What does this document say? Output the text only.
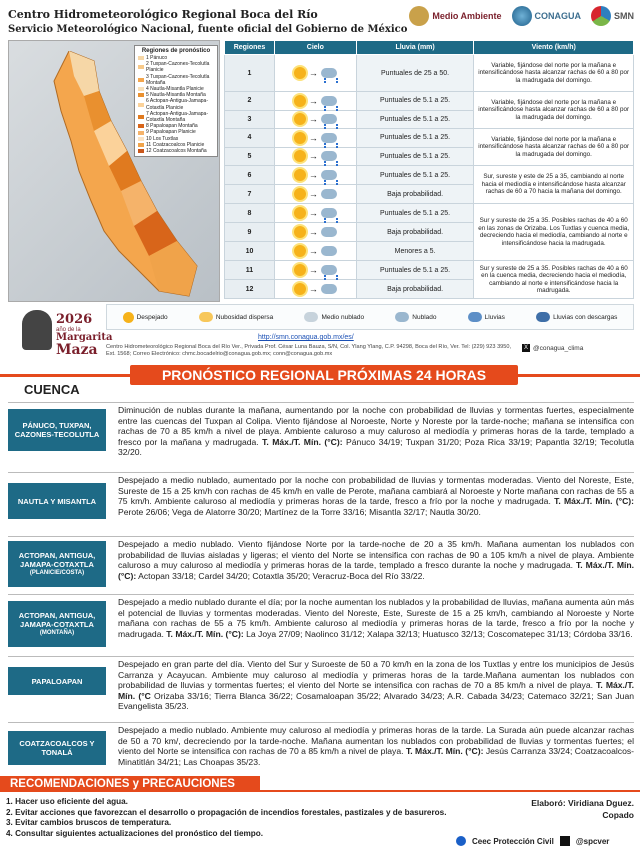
Centro Hidrometeorológico Regional Boca del Río
Servicio Meteorológico Nacional, fuente oficial del Gobierno de México
Medio Ambiente	CONAGUA	SMN
Regiones de pronóstico
1 Pánuco
2 Tuxpan-Cazones-Tecolutla Planicie
3 Tuxpan-Cazones-Tecolutla Montaña
4 Nautla-Misantla Planicie
5 Nautla-Misantla Montaña
6 Actopan-Antigua-Jamapa-Cotaxtla Planicie
7 Actopan-Antigua-Jamapa-Cotaxtla Montaña
8 Papaloapan Montaña
9 Papaloapan Planicie
10 Los Tuxtlas
11 Coatzacoalcos Planicie
12 Coatzacoalcos Montaña
Regiones	Cielo	Lluvia (mm)	Viento (km/h)
1	→	Puntuales de 25 a 50.	Variable, fijándose del norte por la mañana e intensificándose hasta alcanzar rachas de 60 a 80 por la madrugada del domingo.
2	→	Puntuales de 5.1 a 25.	Variable, fijándose del norte por la mañana e intensificándose hasta alcanzar rachas de 60 a 80 por la madrugada del domingo.
3	→	Puntuales de 5.1 a 25.	
4	→	Puntuales de 5.1 a 25.	Variable, fijándose del norte por la mañana e intensificándose hasta alcanzar rachas de 60 a 80 por la madrugada del domingo.
5	→	Puntuales de 5.1 a 25.	
6	→	Puntuales de 5.1 a 25.	Sur, sureste y este de 25 a 35, cambiando al norte hacia el mediodía e intensificándose hasta alcanzar rachas de 60 a 70 hacia la mañana del domingo.
7	→	Baja probabilidad.	
8	→	Puntuales de 5.1 a 25.	Sur y sureste de 25 a 35. Posibles rachas de 40 a 60 en las zonas de Orizaba. Los Tuxtlas y cuenca media, decreciendo hacia el mediodía, cambiando al norte e intensificándose hacia la madrugada.
9	→	Baja probabilidad.	
10	→	Menores a 5.	
11	→	Puntuales de 5.1 a 25.	Sur y sureste de 25 a 35. Posibles rachas de 40 a 60 en la cuenca media, decreciendo hacia el mediodía, cambiando al norte e intensificándose hacia la madrugada.
12	→	Baja probabilidad.	
Despejado	Nubosidad dispersa	Medio nublado	Nublado	Lluvias	Lluvias con descargas
2026
año de la
Margarita
Maza
http://smn.conagua.gob.mx/es/
Centro Hidrometeorológico Regional Boca del Río Ver., Privada Prof. César Luna Bauza, S/N, Col. Ylang Ylang, C.P. 94298, Boca del Río, Ver. Tel: (229) 923 3950, Ext. 1568; Correo Electrónico: chmc.bocadelrio@conagua.gob.mx; conn@conagua.gob.mx
X @conagua_clima
PRONÓSTICO REGIONAL PRÓXIMAS 24 HORAS
CUENCA
PÁNUCO, TUXPAN, CAZONES-TECOLUTLA
Diminución de nublas durante la mañana, aumentando por la noche con probabilidad de lluvias y tormentas fuertes, especialmente entre las cuencas del Tuxpan al Colipa. Viento fijándose al Noroeste, Norte y Noreste por la tarde-noche; mañana se intensifica con rachas de 70 a 85 km/h a nivel de playa. Ambiente caluroso a muy caluroso al mediodía y primeras horas de la tarde, templado a fresco por la mañana y madrugada. T. Máx./T. Mín. (°C): Pánuco 34/19; Tuxpan 31/20; Poza Rica 33/19; Papantla 32/19; Tecolutla 32/20.
NAUTLA Y MISANTLA
Despejado a medio nublado, aumentado por la noche con probabilidad de lluvias y tormentas moderadas. Viento del Noreste, Este, Sureste de 15 a 25 km/h con rachas de 45 km/h en valle de Perote, mañana cambiará al Noroeste y Norte mañana con rachas de 55 a 75 km/h. Ambiente caluroso al mediodía y primeras horas de la tarde, fresco a frío por la noche y madrugada. T. Máx./T. Mín. (°C): Perote 26/06; Vega de Alatorre 30/20; Martínez de la Torre 33/16; Misantla 32/17; Nautla 30/20.
ACTOPAN, ANTIGUA, JAMAPA-COTAXTLA
(PLANICIE/COSTA)
Despejado a medio nublado. Viento fijándose Norte por la tarde-noche de 20 a 35 km/h. Mañana aumentan los nublados con probabilidad de lluvias aisladas y ligeras; el viento del Norte se intensifica con rachas de 90 a 105 km/h a nivel de playa. Ambiente caluroso a muy caluroso al mediodía y primeras horas de la tarde, templado a fresco durante la noche y madrugada. T. Máx./T. Mín. (°C): Actopan 33/18; Cardel 34/20; Cotaxtla 35/20; Veracruz-Boca del Río 33/22.
ACTOPAN, ANTIGUA, JAMAPA-COTAXTLA
(MONTAÑA)
Despejado a medio nublado durante el día; por la noche aumentan los nublados y la probabilidad de lluvias, mañana aumenta aún más el potencial de lluvias y tormentas moderadas. Viento del Noreste, Este, Sureste de 15 a 25 km/h, cambiando al Noroeste y Norte mañana con rachas de 55 a 75 km/h. Ambiente caluroso al mediodía y primeras horas de la tarde, fresco a frío por la noche y madrugada. T. Máx./T. Mín. (°C): La Joya 27/09; Naolinco 31/12; Xalapa 32/13; Huatusco 32/13; Coscomatepec 31/13; Córdoba 33/16.
PAPALOAPAN
Despejado en gran parte del día. Viento del Sur y Suroeste de 50 a 70 km/h en la zona de los Tuxtlas y entre los municipios de Jesús Carranza y Acayucan. Ambiente muy caluroso al mediodía y primeras horas de la tarde.Mañana aumentan los nublados con probabilidad de lluvias y tormentas fuertes; el viento del Norte se intensifica con rachas de 70 a 85 km/h a nivel de playa. T. Máx./T. Mín. (°C Orizaba 33/16; Tierra Blanca 36/22; Cosamaloapan 35/22; Alvarado 34/23; A.R. Cabada 34/23; Catemaco 32/21; San Juan Evangelista 35/23.
COATZACOALCOS Y TONALÁ
Despejado a medio nublado. Ambiente muy caluroso al mediodía y primeras horas de la tarde. La Surada aún puede alcanzar rachas de 50 a 70 km/, decreciendo por la tarde-noche. Mañana aumentan los nublados con probabilidad de lluvias y tormentas fuertes; el viento del Norte se intensifica con rachas de 70 a 85 km/h a nivel de playa. T. Máx./T. Mín. (°C): Jesús Carranza 33/24; Coatzacoalcos-Minatitlán 34/21; Las Choapas 35/23.
RECOMENDACIONES y PRECAUCIONES
1. Hacer uso eficiente del agua.
2. Evitar acciones que favorezcan el desarrollo o propagación de incendios forestales, pastizales y de basureros.
3. Evitar cambios bruscos de temperatura.
4. Consultar siguientes actualizaciones del pronóstico del tiempo.
Elaboró: Viridiana Dguez.
Copado
Ceec Protección Civil	@spcver
